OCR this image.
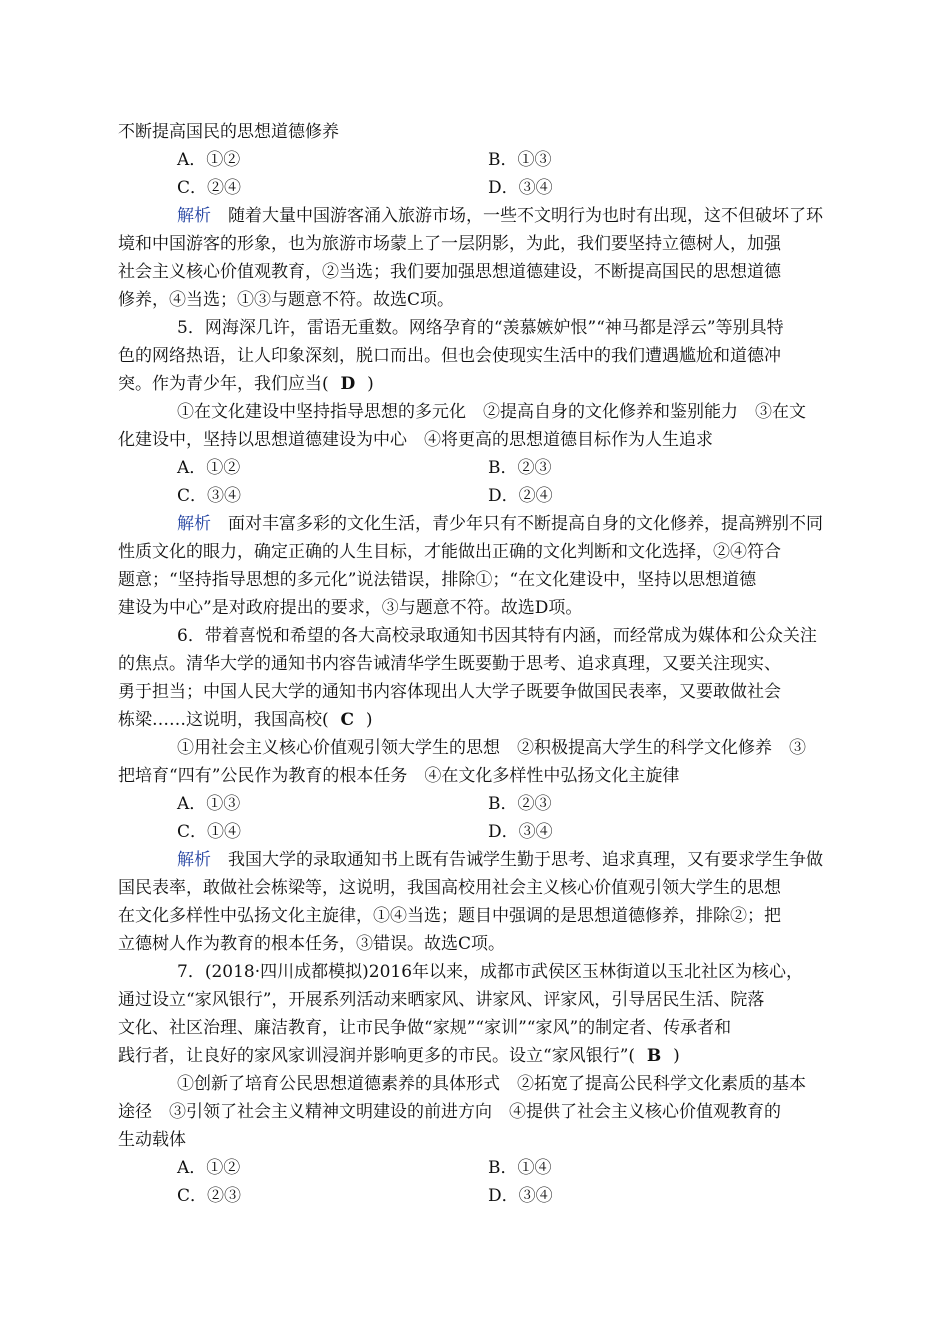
不断提高国民的思想道德修养
A．①②	B．①③
C．②④	D．③④
解析　 随着大量中国游客涌入旅游市场，一些不文明行为也时有出现，这不但破坏了环
境和中国游客的形象，也为旅游市场蒙上了一层阴影，为此，我们要坚持立德树人，加强
社会主义核心价值观教育，②当选；我们要加强思想道德建设，不断提高国民的思想道德
修养，④当选；①③与题意不符。故选C项。
5．网海深几许，雷语无重数。网络孕育的“羡慕嫉妒恨”“神马都是浮云”等别具特
色的网络热语，让人印象深刻，脱口而出。但也会使现实生活中的我们遭遇尴尬和道德冲
突。作为青少年，我们应当( D )
①在文化建设中坚持指导思想的多元化　②提高自身的文化修养和鉴别能力　③在文
化建设中，坚持以思想道德建设为中心　④将更高的思想道德目标作为人生追求
A．①②	B．②③
C．③④	D．②④
解析　 面对丰富多彩的文化生活，青少年只有不断提高自身的文化修养，提高辨别不同
性质文化的眼力，确定正确的人生目标，才能做出正确的文化判断和文化选择，②④符合
题意；“坚持指导思想的多元化”说法错误，排除①；“在文化建设中，坚持以思想道德
建设为中心”是对政府提出的要求，③与题意不符。故选D项。
6．带着喜悦和希望的各大高校录取通知书因其特有内涵，而经常成为媒体和公众关注
的焦点。清华大学的通知书内容告诫清华学生既要勤于思考、追求真理，又要关注现实、
勇于担当；中国人民大学的通知书内容体现出人大学子既要争做国民表率，又要敢做社会
栋梁……这说明，我国高校( C )
①用社会主义核心价值观引领大学生的思想　②积极提高大学生的科学文化修养　③
把培育“四有”公民作为教育的根本任务　④在文化多样性中弘扬文化主旋律
A．①③	B．②③
C．①④	D．③④
解析　 我国大学的录取通知书上既有告诫学生勤于思考、追求真理，又有要求学生争做
国民表率，敢做社会栋梁等，这说明，我国高校用社会主义核心价值观引领大学生的思想
在文化多样性中弘扬文化主旋律，①④当选；题目中强调的是思想道德修养，排除②；把
立德树人作为教育的根本任务，③错误。故选C项。
7．(2018·四川成都模拟)2016年以来，成都市武侯区玉林街道以玉北社区为核心，
通过设立“家风银行”，开展系列活动来晒家风、讲家风、评家风，引导居民生活、院落
文化、社区治理、廉洁教育，让市民争做“家规”“家训”“家风”的制定者、传承者和
践行者，让良好的家风家训浸润并影响更多的市民。设立“家风银行”( B )
①创新了培育公民思想道德素养的具体形式　②拓宽了提高公民科学文化素质的基本
途径　③引领了社会主义精神文明建设的前进方向　④提供了社会主义核心价值观教育的
生动载体
A．①②	B．①④
C．②③	D．③④
